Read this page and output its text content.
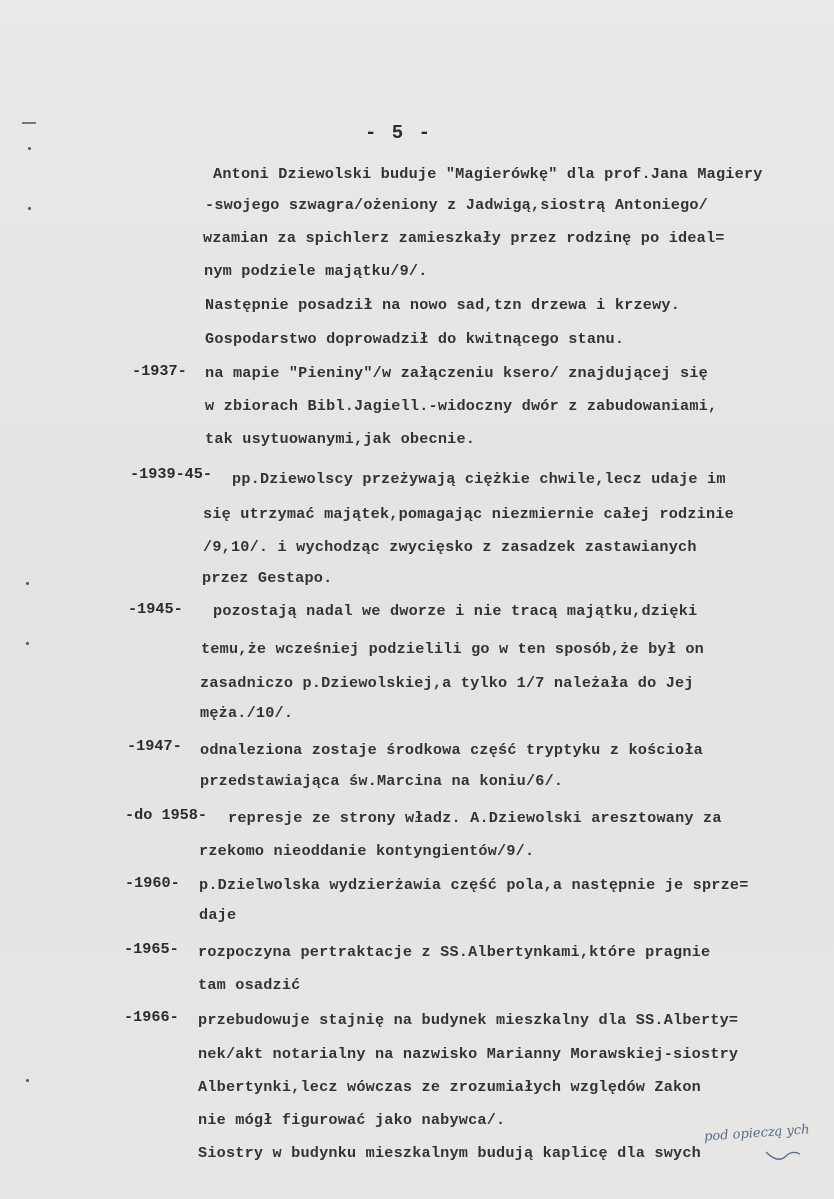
- 5 -
Antoni Dziewolski buduje "Magierówkę" dla prof.Jana Magiery
-swojego szwagra/ożeniony z Jadwigą,siostrą Antoniego/
wzamian za spichlerz zamieszkały przez rodzinę po ideal=
nym podziele majątku/9/.
Następnie posadził na nowo sad,tzn drzewa i krzewy.
Gospodarstwo doprowadził do kwitnącego stanu.
-1937- na mapie "Pieniny"/w załączeniu ksero/ znajdującej się
w zbiorach Bibl.Jagiell.-widoczny dwór z zabudowaniami,
tak usytuowanymi,jak obecnie.
-1939-45- pp.Dziewolscy przeżywają ciężkie chwile,lecz udaje im
się utrzymać majątek,pomagając niezmiernie całej rodzinie
/9,10/. i wychodząc zwycięsko z zasadzek zastawianych
przez Gestapo.
-1945- pozostają nadal we dworze i nie tracą majątku,dzięki
temu,że wcześniej podzielili go w ten sposób,że był on
zasadniczo p.Dziewolskiej,a tylko 1/7 należała do Jej
męża./10/.
-1947- odnaleziona zostaje środkowa część tryptyku z kościoła
przedstawiająca św.Marcina na koniu/6/.
-do 1958- represje ze strony władz. A.Dziewolski aresztowany za
rzekomo nieoddanie kontyngientów/9/.
-1960- p.Dzielwolska wydzierżawia część pola,a następnie je sprze=
daje
-1965- rozpoczyna pertraktacje z SS.Albertynkami,które pragnie
tam osadzić
-1966- przebudowuje stajnię na budynek mieszkalny dla SS.Alberty=
nek/akt notarialny na nazwisko Marianny Morawskiej-siostry
Albertynki,lecz wówczas ze zrozumiałych względów Zakon
nie mógł figurować jako nabywca/.
Siostry w budynku mieszkalnym budują kaplicę dla swych
pod opieczą ych
